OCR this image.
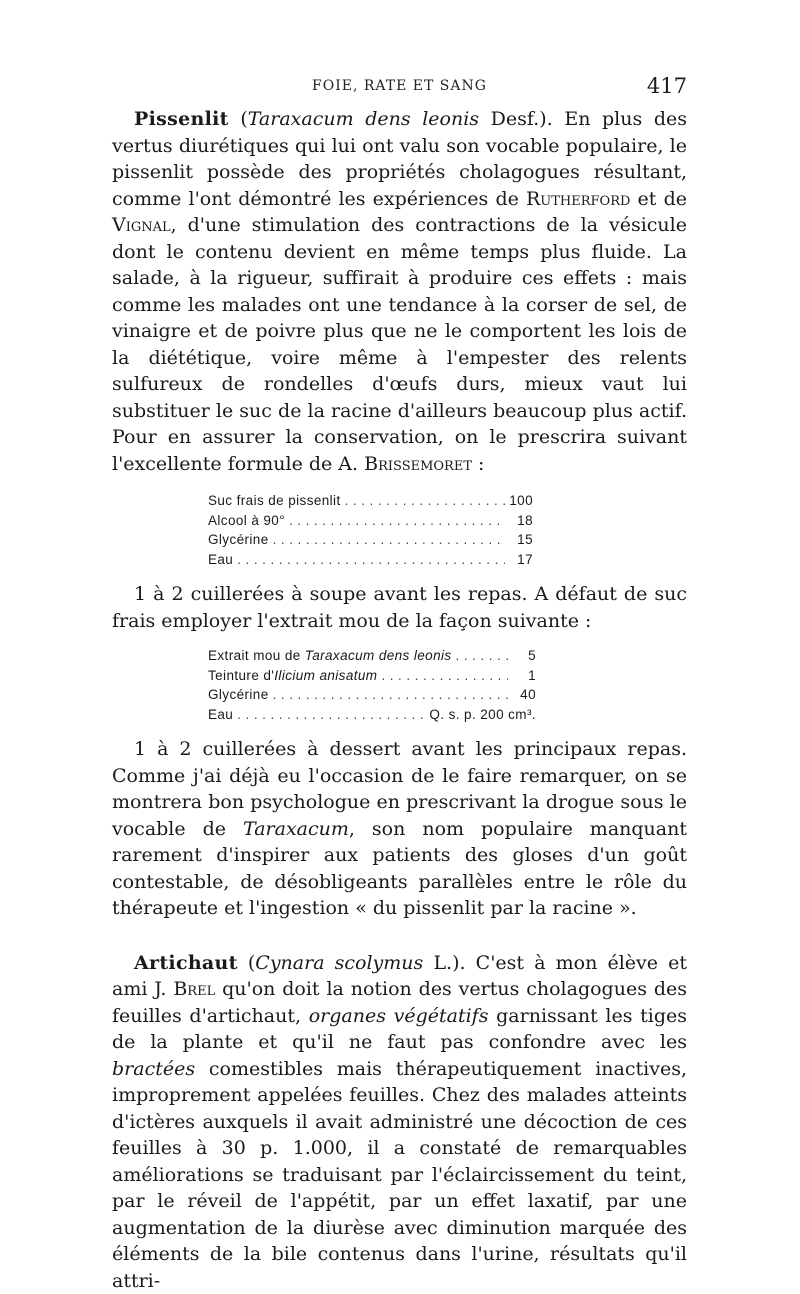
FOIE, RATE ET SANG	417

Pissenlit (Taraxacum dens leonis Desf.). En plus des vertus diurétiques qui lui ont valu son vocable populaire, le pissenlit possède des propriétés cholagogues résultant, comme l'ont démontré les expériences de Rutherford et de Vignal, d'une stimulation des contractions de la vésicule dont le contenu devient en même temps plus fluide. La salade, à la rigueur, suffirait à produire ces effets : mais comme les malades ont une tendance à la corser de sel, de vinaigre et de poivre plus que ne le comportent les lois de la diététique, voire même à l'empester des relents sulfureux de rondelles d'œufs durs, mieux vaut lui substituer le suc de la racine d'ailleurs beaucoup plus actif. Pour en assurer la conservation, on le prescrira suivant l'excellente formule de A. Brissemoret :

Suc frais de pissenlit . . .	100
Alcool à 90° . . .	18
Glycérine . . .	15
Eau . . .	17

1 à 2 cuillerées à soupe avant les repas. A défaut de suc frais employer l'extrait mou de la façon suivante :

Extrait mou de Taraxacum dens leonis . . .	5
Teinture d'Ilicium anisatum . . .	1
Glycérine . . .	40
Eau . . .	Q. s. p. 200 cm³.

1 à 2 cuillerées à dessert avant les principaux repas. Comme j'ai déjà eu l'occasion de le faire remarquer, on se montrera bon psychologue en prescrivant la drogue sous le vocable de Taraxacum, son nom populaire manquant rarement d'inspirer aux patients des gloses d'un goût contestable, de désobligeants parallèles entre le rôle du thérapeute et l'ingestion « du pissenlit par la racine ».

Artichaut (Cynara scolymus L.). C'est à mon élève et ami J. Brel qu'on doit la notion des vertus cholagogues des feuilles d'artichaut, organes végétatifs garnissant les tiges de la plante et qu'il ne faut pas confondre avec les bractées comestibles mais thérapeutiquement inactives, improprement appelées feuilles. Chez des malades atteints d'ictères auxquels il avait administré une décoction de ces feuilles à 30 p. 1.000, il a constaté de remarquables améliorations se traduisant par l'éclaircissement du teint, par le réveil de l'appétit, par un effet laxatif, par une augmentation de la diurèse avec diminution marquée des éléments de la bile contenus dans l'urine, résultats qu'il attri-
